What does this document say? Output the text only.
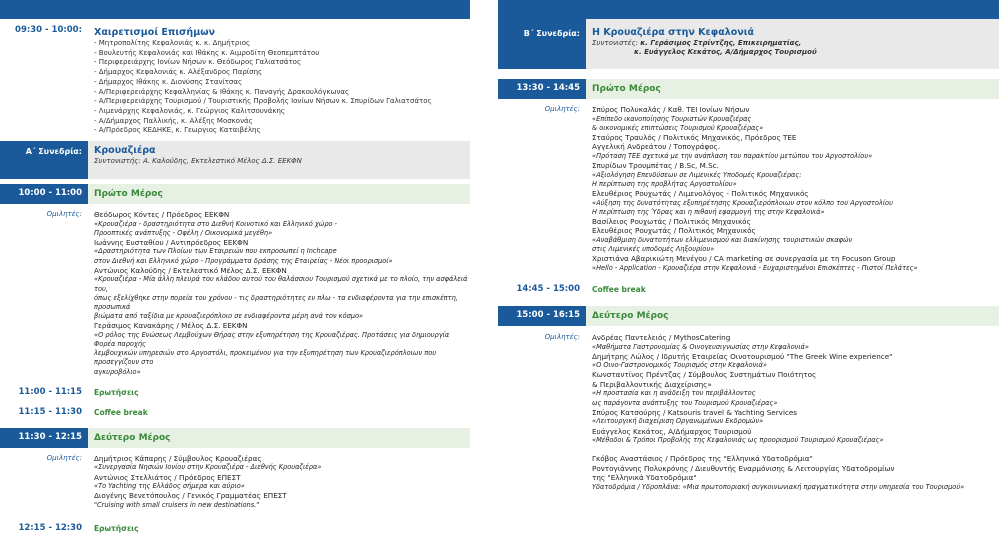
09:30 - 10:00:	Χαιρετισμοί Επισήμων
- Μητροπολίτης Κεφαλονιάς κ. κ. Δημήτριος
- Βουλευτής Κεφαλονιάς και Ιθάκης κ. Αιμροδίτη Θεοπεμπτάτου
- Περιφερειάρχης Ιονίων Νήσων κ. Θεόδωρος Γαλιατσάτος
- Δήμαρχος Κεφαλονιάς κ. Αλέξανδρος Παρίσης
- Δήμαρχος Ιθάκης κ. Διονύσης Στανίτσας
- Α/Περιφερειάρχης Κεφαλληνίας & Ιθάκης κ. Παναγής Δρακουλόγκωνας
- Α/Περιφερειάρχης Τουρισμού / Τουριστικής Προβολής Ιονίων Νήσων κ. Σπυρίδων Γαλιατσάτος
- Λιμενάρχης Κεφαλονιάς, κ. Γεώργιος Καλιτσουνάκης
- Α/Δήμαρχος Παλλικής, κ. Αλέξης Μοσκονάς
- Α/Πρόεδρος ΚΕΔΗΚΕ, κ. Γεωργιος Καταιβέλης
Α΄ Συνεδρία:	Κρουαζιέρα
Συντονιστής: Α. Καλούδης, Εκτελεστικό Μέλος Δ.Σ. ΕΕΚΦΝ
10:00 - 11:00	Πρώτο Μέρος
Ομιλητές:	Θεόδωρος Κόντες / Πρόεδρος ΕΕΚΦΝ
«Κρουαζιέρα - δραστηριότητα στο Διεθνή Κοινοτικό και Ελληνικό χώρο -
Προοπτικές ανάπτυξης - Οφέλη / Οικονομικά μεγέθη»
Ιωάννης Ευσταθίου / Αντιπρόεδρος ΕΕΚΦΝ
«Δραστηριότητα των Πλοίων των Εταιρειών που εκπροσωπεί η Inchcape
στον Διεθνή και Ελληνικό χώρο - Προγράμματα δράσης της Εταιρείας - Νέοι προορισμοί»
Αντώνιος Καλούδης / Εκτελεστικό Μέλος Δ.Σ. ΕΕΚΦΝ
«Κρουαζιέρα - Μία άλλη πλευρά του κλάδου αυτού του θαλάσσιου Τουρισμού σχετικά με το πλοίο, την ασφάλειά του,
όπως εξελίχθηκε στην πορεία του χρόνου - τις δραστηριότητες εν πλω - τα ενδιαφέροντα για την επισκέπτη, προσωπικά
βιώματα από ταξίδια με κρουαζιερόπλοιο σε ενδιαφέροντα μέρη ανά τον κόσμο»
Γεράσιμος Κανακάρης / Μέλος Δ.Σ. ΕΕΚΦΝ
«Ο ρόλος της Ενώσεως Λεμβούχων Θήρας στην εξυπηρέτηση της Κρουαζιέρας. Προτάσεις για δημιουργία Φορέα παροχής
λεμβουχικών υπηρεσιών στο Αργοστόλι, προκειμένου για την εξυπηρέτηση των Κρουαζιερόπλοιων που προσεγγίζουν στο
αγκυροβόλιο»
11:00 - 11:15	Ερωτήσεις
11:15 - 11:30	Coffee break
11:30 - 12:15	Δεύτερο Μέρος
Ομιλητές:	Δημήτριος Κάπαρης / Σύμβουλος Κρουαζιέρας
«Συνεργασία Νησιών Ιονίου στην Κρουαζιέρα - Διεθνής Κρουαζιέρα»
Αντώνιος Στελλιάτος / Πρόεδρος ΕΠΕΣΤ
«Το Yachting της Ελλάδος σήμερα και αύριο»
Διογένης Βενετόπουλος / Γενικός Γραμματέας ΕΠΕΣΤ
"Cruising with small cruisers in new destinations."
12:15 - 12:30	Ερωτήσεις
Β΄ Συνεδρία:	Η Κρουαζιέρα στην Κεφαλονιά
Συντονιστές: κ. Γεράσιμος Στρίντζης, Επικειρηματίας,
κ. Ευάγγελος Κεκάτος, Α/Δήμαρχος Τουρισμού
13:30 - 14:45	Πρώτο Μέρος
Ομιλητές:	Σπύρος Πολυκαλάς / Καθ. ΤΕΙ Ιονίων Νήσων
«Επίπεδο ικανοποίησης Τουριστών Κρουαζιέρας
& οικονομικές επιπτώσεις Τουρισμού Κρουαζιέρας»
Σταύρος Τραυλός / Πολιτικός Μηχανικός, Πρόεδρος ΤΕΕ
Αγγελική Ανδρεάτου / Τοπογράφος.
«Πρόταση ΤΕΕ σχετικά με την ανάπλαση του παρακτίου μετώπου του Αργοστολίου»
Σπυρίδων Τρουμπέτας / B.Sc, M.Sc.
«Αξιολόγηση Επενδύσεων σε Λιμενικές Υποδομές Κρουαζιέρας:
Η περίπτωση της προβλήτας Αργοστολίου»
Ελευθέριος Ρουχωτάς / Λιμενολόγος - Πολιτικός Μηχανικός
«Αύξηση της δυνατότητας εξυπηρέτησης Κρουαζιερόπλοιων στον κόλπο του Αργοστολίου
Η περίπτωση της Ύδρας και η πιθανή εφαρμογή της στην Κεφαλονιά»
Βασίλειος Ρουχωτάς / Πολιτικός Μηχανικός
Ελευθέριος Ρουχωτάς / Πολιτικός Μηχανικός
«Αναβάθμιση δυνατοτήτων ελλιμενισμού και διακίνησης τουριστικών σκαφών
στις Λιμενικές υποδομές Ληξουρίου»
Χριστιάνα Αβαρικιώτη Μενέγου / CA marketing σε συνεργασία με τη Focuson Group
«Hello - Application - Κρουαζιέρα στην Κεφαλονιά - Ευχαριστημένοι Επισκέπτες - Πιστοί Πελάτες»
14:45 - 15:00	Coffee break
15:00 - 16:15	Δεύτερο Μέρος
Ομιλητές:	Ανδρέας Παντελειός / MythosCatering
«Μαθήματα Γαστρονομίας & Οινογευσιγνωσίας στην Κεφαλονιά»
Δημήτρης Λώλος / Ιδρυτής Εταιρείας Οινοτουρισμού "The Greek Wine experience"
«Ο Οινο-Γαστρονομικός Τουρισμός στην Κεφαλονιά»
Κωνσταντίνος Πρέντζας / Σύμβουλος Συστημάτων Ποιότητος
& Περιβαλλοντικής Διαχείρισης»
«Η προστασία και η ανάδειξη του περιβάλλοντος
ως παράγοντα ανάπτυξης του Τουρισμού Κρουαζιέρας»
Σπύρος Κατσούρης / Katsouris travel & Yachting Services
«Λειτουργική διαχείριση Οργανωμένων Εκδρομών»
Ευάγγελος Κεκάτος, Α/Δήμαρχος Τουρισμού
«Μέθοδοι & Τρόποι Προβολής της Κεφαλονιάς ως προορισμού Τουρισμού Κρουαζιέρας»
Γκόβος Αναστάσιος / Πρόεδρος της "Ελληνικά Υδατοδρόμια"
Ροντογιάννης Πολυκρόνης / Διευθυντής Εναρμόνισης & Λειτουργίας Υδατοδρομίων
της "Ελληνικά Υδατοδρόμια"
Υδατοδρόμια / Υδροπλάνα: «Μια πρωτοποριακή συγκοινωνιακή πραγματικότητα στην υπηρεσία του Τουρισμού»
